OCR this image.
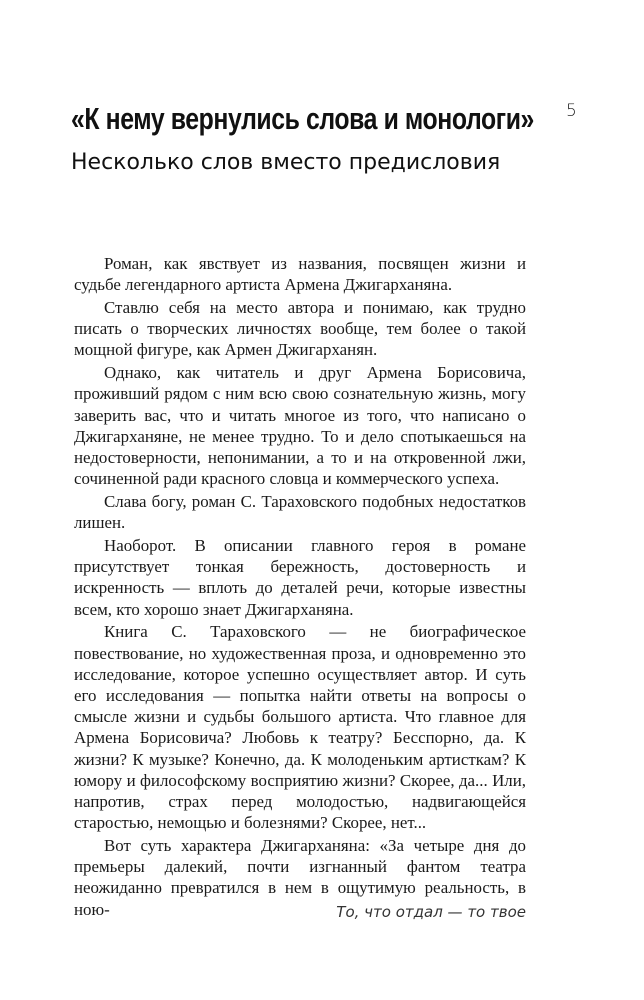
5
«К нему вернулись слова и монологи»
Несколько слов вместо предисловия

Роман, как явствует из названия, посвящен жизни и судьбе легендарного артиста Армена Джигарханяна.

Ставлю себя на место автора и понимаю, как трудно писать о творческих личностях вообще, тем более о такой мощной фигуре, как Армен Джигарханян.

Однако, как читатель и друг Армена Борисовича, проживший рядом с ним всю свою сознательную жизнь, могу заверить вас, что и читать многое из того, что написано о Джигарханяне, не менее трудно. То и дело спотыкаешься на недостоверности, непонимании, а то и на откровенной лжи, сочиненной ради красного словца и коммерческого успеха.

Слава богу, роман С. Тараховского подобных недостатков лишен.

Наоборот. В описании главного героя в романе присутствует тонкая бережность, достоверность и искренность — вплоть до деталей речи, которые известны всем, кто хорошо знает Джигарханяна.

Книга С. Тараховского — не биографическое повествование, но художественная проза, и одновременно это исследование, которое успешно осуществляет автор. И суть его исследования — попытка найти ответы на вопросы о смысле жизни и судьбы большого артиста. Что главное для Армена Борисовича? Любовь к театру? Бесспорно, да. К жизни? К музыке? Конечно, да. К молоденьким артисткам? К юмору и философскому восприятию жизни? Скорее, да... Или, напротив, страх перед молодостью, надвигающейся старостью, немощью и болезнями? Скорее, нет...

Вот суть характера Джигарханяна: «За четыре дня до премьеры далекий, почти изгнанный фантом театра неожиданно превратился в нем в ощутимую реальность, в ною-	То, что отдал — то твое
